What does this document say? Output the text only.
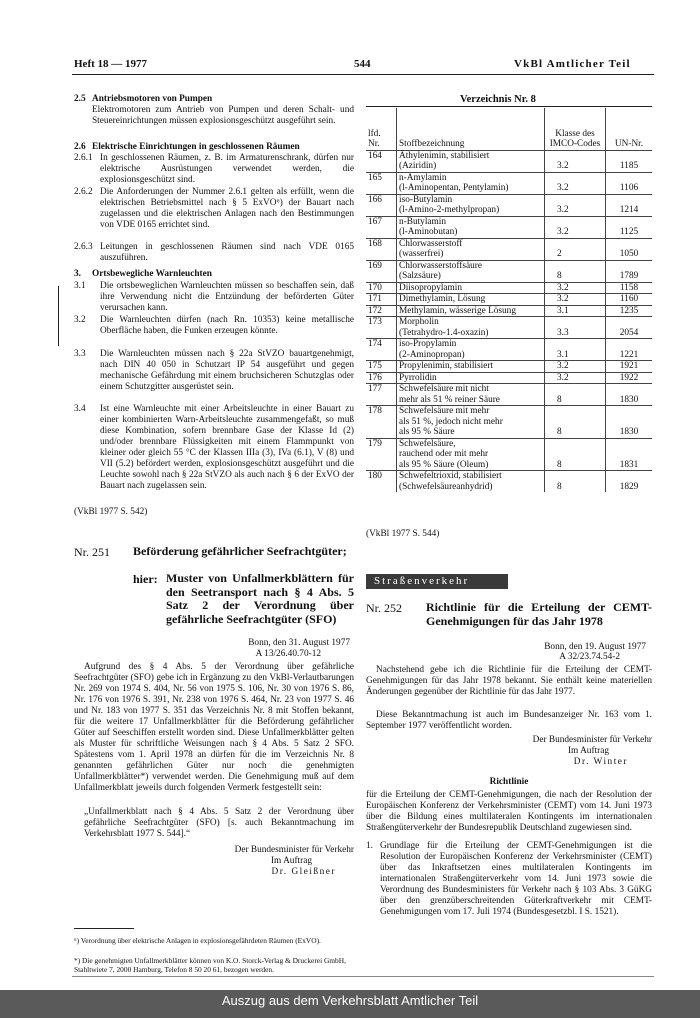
Heft 18 — 1977	544	VkBl Amtlicher Teil
2.5 Antriebsmotoren von Pumpen
Elektromotoren zum Antrieb von Pumpen und deren Schalt- und Steuereinrichtungen müssen explosionsgeschützt ausgeführt sein.
2.6 Elektrische Einrichtungen in geschlossenen Räumen
2.6.1 In geschlossenen Räumen, z. B. im Armaturenschrank, dürfen nur elektrische Ausrüstungen verwendet werden, die explosionsgeschützt sind.
2.6.2 Die Anforderungen der Nummer 2.6.1 gelten als erfüllt, wenn die elektrischen Betriebsmittel nach § 5 ExVO⁶) der Bauart nach zugelassen und die elektrischen Anlagen nach den Bestimmungen von VDE 0165 errichtet sind.
2.6.3 Leitungen in geschlossenen Räumen sind nach VDE 0165 auszuführen.
3. Ortsbewegliche Warnleuchten
3.1 Die ortsbeweglichen Warnleuchten müssen so beschaffen sein, daß ihre Verwendung nicht die Entzündung der beförderten Güter verursachen kann.
3.2 Die Warnleuchten dürfen (nach Rn. 10353) keine metallische Oberfläche haben, die Funken erzeugen könnte.
3.3 Die Warnleuchten müssen nach § 22a StVZO bauartgenehmigt, nach DIN 40 050 in Schutzart IP 54 ausgeführt und gegen mechanische Gefährdung mit einem bruchsicheren Schutzglas oder einem Schutzgitter ausgerüstet sein.
3.4 Ist eine Warnleuchte mit einer Arbeitsleuchte in einer Bauart zu einer kombinierten Warn-Arbeitsleuchte zusammengefaßt, so muß diese Kombination, sofern brennbare Gase der Klasse Id (2) und/oder brennbare Flüssigkeiten mit einem Flammpunkt von kleiner oder gleich 55 °C der Klassen IIIa (3), IVa (6.1), V (8) und VII (5.2) befördert werden, explosionsgeschützt ausgeführt und die Leuchte sowohl nach § 22a StVZO als auch nach § 6 der ExVO der Bauart nach zugelassen sein.
(VkBl 1977 S. 542)
Nr. 251 Beförderung gefährlicher Seefrachtgüter;
hier: Muster von Unfallmerkblättern für den Seetransport nach § 4 Abs. 5 Satz 2 der Verordnung über gefährliche Seefrachtgüter (SFO)
Bonn, den 31. August 1977
A 13/26.40.70-12
Aufgrund des § 4 Abs. 5 der Verordnung über gefährliche Seefrachtgüter (SFO) gebe ich in Ergänzung zu den VkBl-Verlautbarungen Nr. 269 von 1974 S. 404, Nr. 56 von 1975 S. 106, Nr. 30 von 1976 S. 86, Nr. 176 von 1976 S. 391, Nr. 238 von 1976 S. 464, Nr. 23 von 1977 S. 46 und Nr. 183 von 1977 S. 351 das Verzeichnis Nr. 8 mit Stoffen bekannt, für die weitere 17 Unfallmerkblätter für die Beförderung gefährlicher Güter auf Seeschiffen erstellt worden sind. Diese Unfallmerkblätter gelten als Muster für schriftliche Weisungen nach § 4 Abs. 5 Satz 2 SFO. Spätestens vom 1. April 1978 an dürfen für die im Verzeichnis Nr. 8 genannten gefährlichen Güter nur noch die genehmigten Unfallmerkblätter*) verwendet werden. Die Genehmigung muß auf dem Unfallmerkblatt jeweils durch folgenden Vermerk festgestellt sein:
„Unfallmerkblatt nach § 4 Abs. 5 Satz 2 der Verordnung über gefährliche Seefrachtgüter (SFO) [s. auch Bekanntmachung im Verkehrsblatt 1977 S. 544].“
Der Bundesminister für Verkehr
Im Auftrag
Dr. Gleißner
⁶) Verordnung über elektrische Anlagen in explosionsgefährdeten Räumen (ExVO).
*) Die genehmigten Unfallmerkblätter können von K.O. Storck-Verlag & Druckerei GmbH, Stahltwiete 7, 2000 Hamburg, Telefon 8 50 20 61, bezogen werden.
Verzeichnis Nr. 8
lfd. Nr.	Stoffbezeichnung	Klasse des IMCO-Codes	UN-Nr.
164	Äthylenimin, stabilisiert
(Aziridin)	3.2	1185
165	n-Amylamin
(l-Aminopentan, Pentylamin)	3.2	1106
166	iso-Butylamin
(l-Amino-2-methylpropan)	3.2	1214
167	n-Butylamin
(l-Aminobutan)	3.2	1125
168	Chlorwasserstoff
(wasserfrei)	2	1050
169	Chlorwasserstoffsäure
(Salzsäure)	8	1789
170	Diisopropylamin	3.2	1158
171	Dimethylamin, Lösung	3.2	1160
172	Methylamin, wässerige Lösung	3.1	1235
173	Morpholin
(Tetrahydro-1.4-oxazin)	3.3	2054
174	iso-Propylamin
(2-Aminopropan)	3.1	1221
175	Propylenimin, stabilisiert	3.2	1921
176	Pyrrolidin	3.2	1922
177	Schwefelsäure mit nicht
mehr als 51 % reiner Säure	8	1830
178	Schwefelsäure mit mehr
als 51 %, jedoch nicht mehr
als 95 % Säure	8	1830
179	Schwefelsäure,
rauchend oder mit mehr
als 95 % Säure (Oleum)	8	1831
180	Schwefeltrioxid, stabilisiert
(Schwefelsäureanhydrid)	8	1829
(VkBl 1977 S. 544)
Straßenverkehr
Nr. 252 Richtlinie für die Erteilung der CEMT-Genehmigungen für das Jahr 1978
Bonn, den 19. August 1977
A 32/23.74.54-2
Nachstehend gebe ich die Richtlinie für die Erteilung der CEMT-Genehmigungen für das Jahr 1978 bekannt. Sie enthält keine materiellen Änderungen gegenüber der Richtlinie für das Jahr 1977.
Diese Bekanntmachung ist auch im Bundesanzeiger Nr. 163 vom 1. September 1977 veröffentlicht worden.
Der Bundesminister für Verkehr
Im Auftrag
Dr. Winter
Richtlinie
für die Erteilung der CEMT-Genehmigungen, die nach der Resolution der Europäischen Konferenz der Verkehrsminister (CEMT) vom 14. Juni 1973 über die Bildung eines multilateralen Kontingents im internationalen Straßengüterverkehr der Bundesrepublik Deutschland zugewiesen sind.
1. Grundlage für die Erteilung der CEMT-Genehmigungen ist die Resolution der Europäischen Konferenz der Verkehrsminister (CEMT) über das Inkraftsetzen eines multilateralen Kontingents im internationalen Straßengüterverkehr vom 14. Juni 1973 sowie die Verordnung des Bundesministers für Verkehr nach § 103 Abs. 3 GüKG über den grenzüberschreitenden Güterkraftverkehr mit CEMT-Genehmigungen vom 17. Juli 1974 (Bundesgesetzbl. I S. 1521).
Auszug aus dem Verkehrsblatt Amtlicher Teil
